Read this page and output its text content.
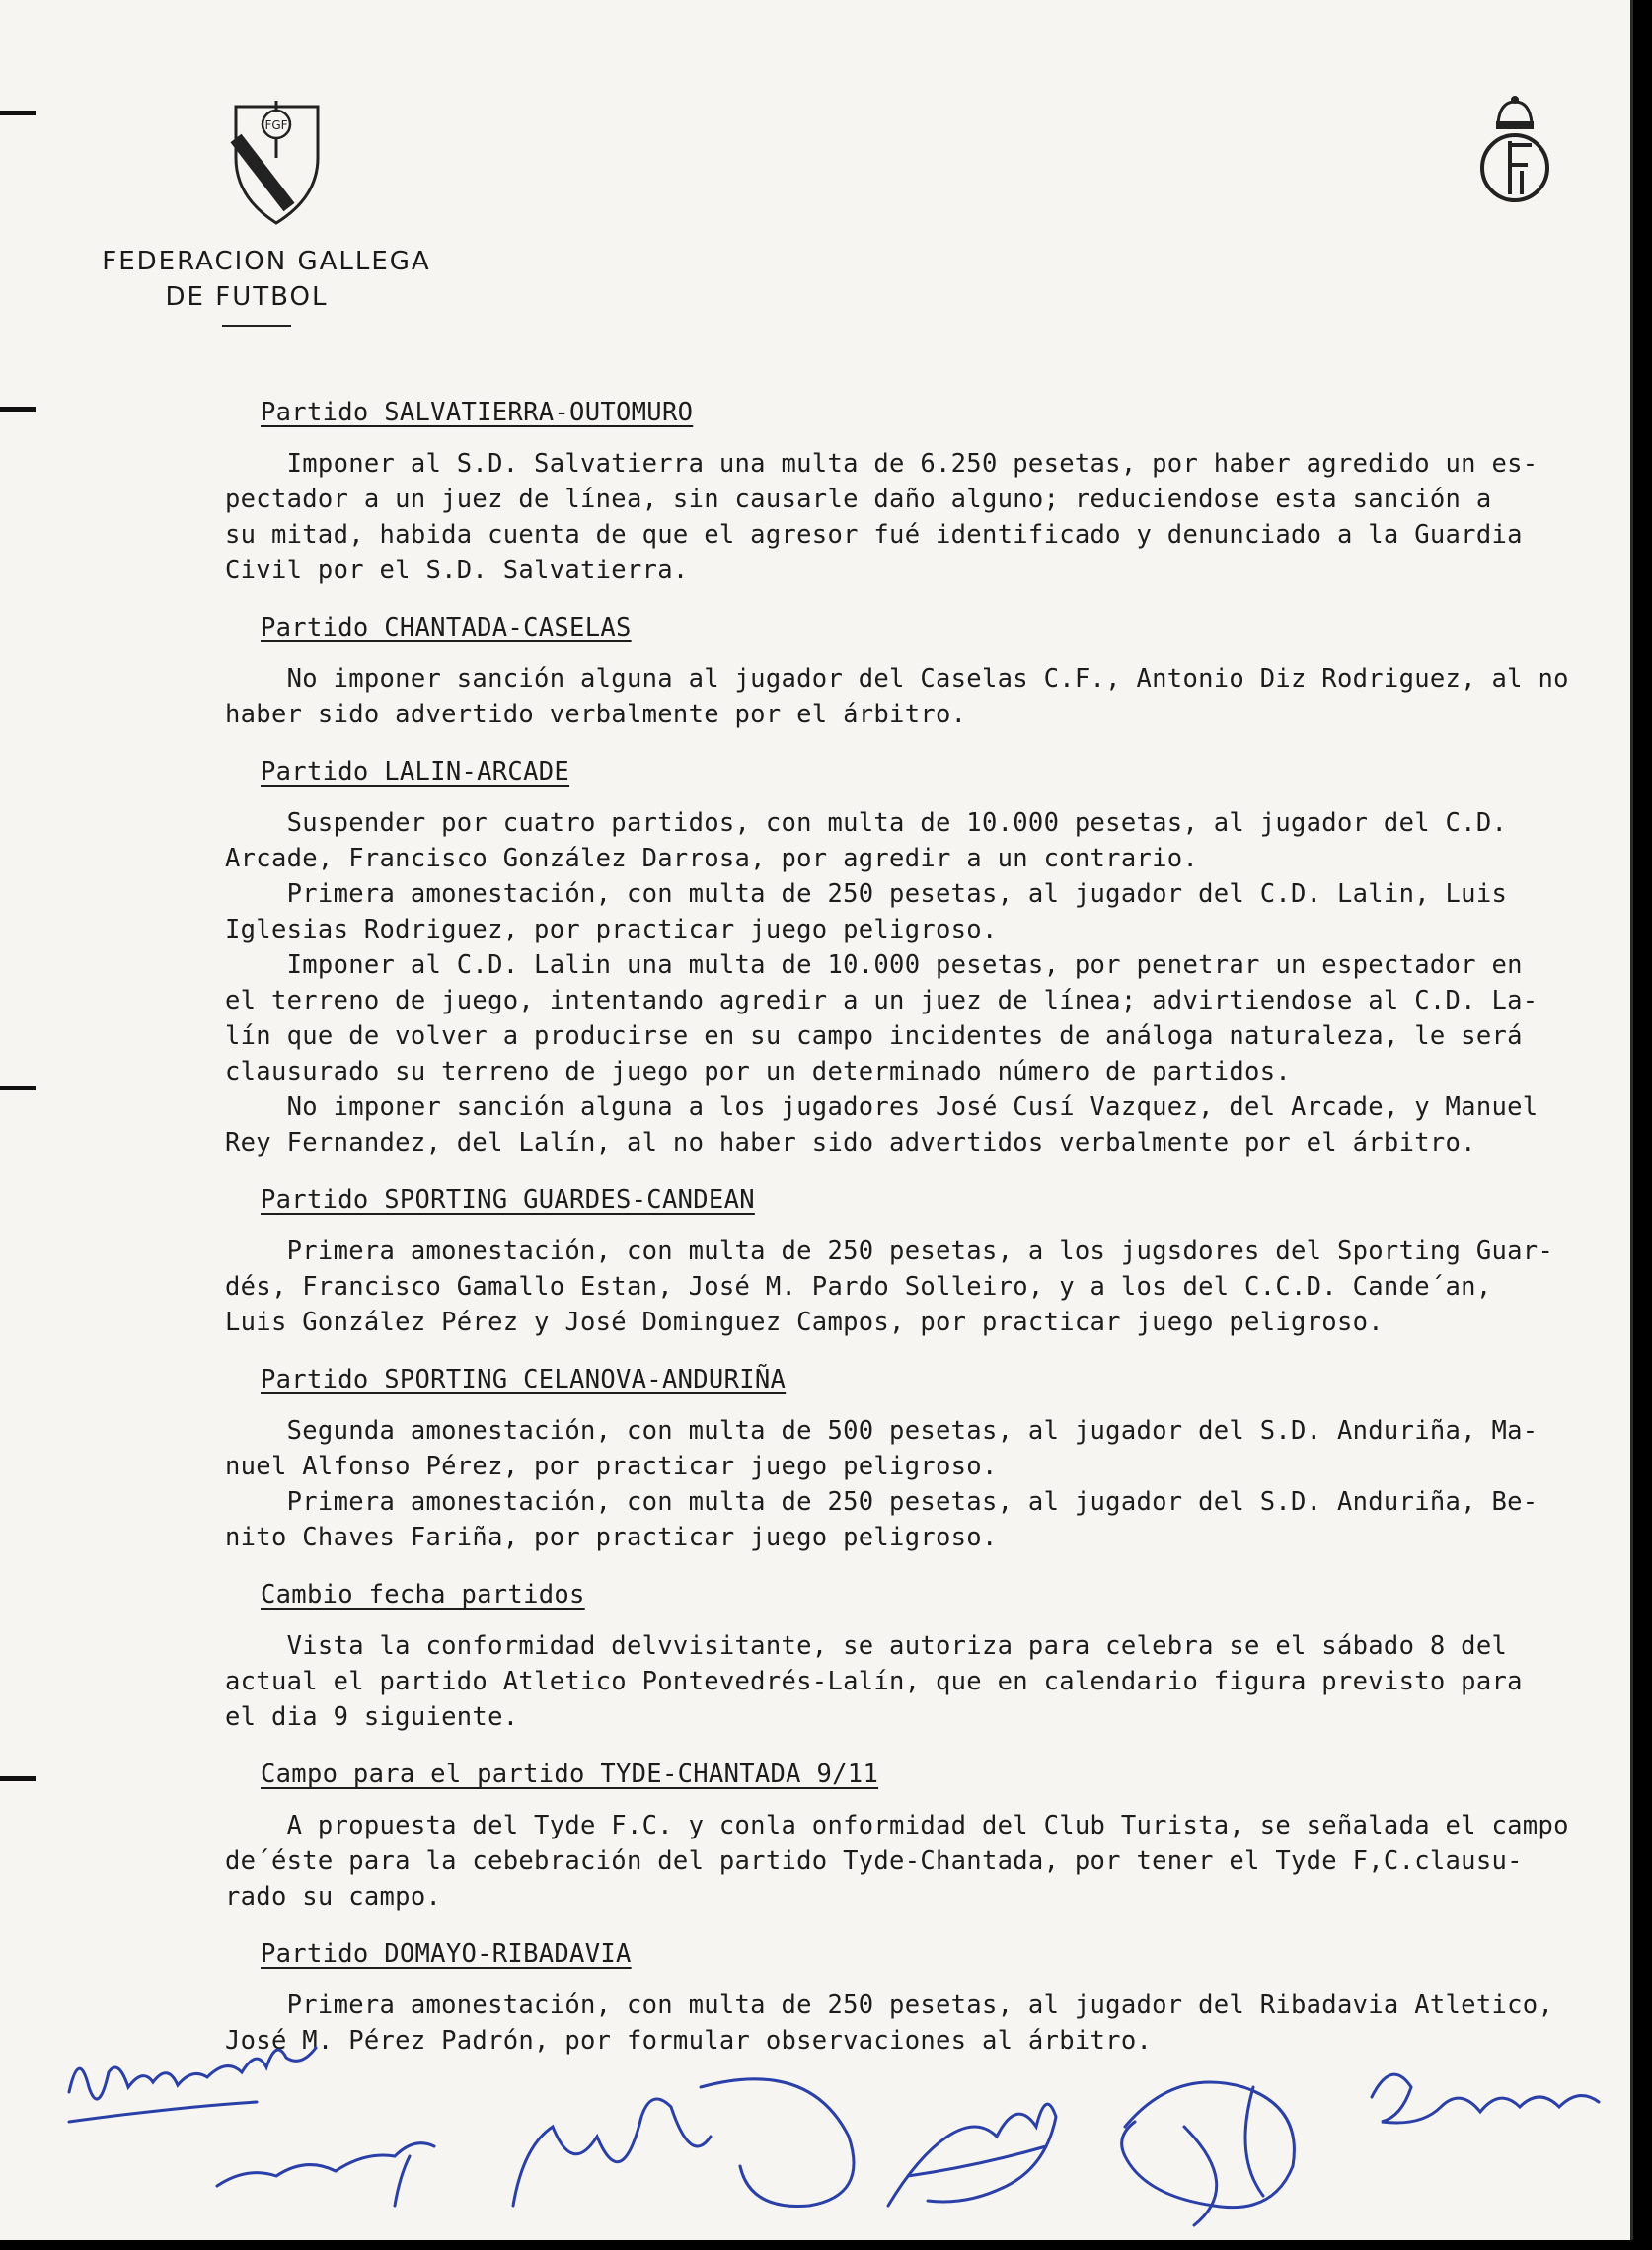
FGF
FEDERACION GALLEGA
DE FUTBOL
FEF
Partido SALVATIERRA-OUTOMURO
Imponer al S.D. Salvatierra una multa de 6.250 pesetas, por haber agredido un es-
pectador a un juez de línea, sin causarle daño alguno; reduciendose esta sanción a
su mitad, habida cuenta de que el agresor fué identificado y denunciado a la Guardia
Civil por el S.D. Salvatierra.
Partido CHANTADA-CASELAS
No imponer sanción alguna al jugador del Caselas C.F., Antonio Diz Rodriguez, al no
haber sido advertido verbalmente por el árbitro.
Partido LALIN-ARCADE
Suspender por cuatro partidos, con multa de 10.000 pesetas, al jugador del C.D.
Arcade, Francisco González Darrosa, por agredir a un contrario.
Primera amonestación, con multa de 250 pesetas, al jugador del C.D. Lalin, Luis
Iglesias Rodriguez, por practicar juego peligroso.
Imponer al C.D. Lalin una multa de 10.000 pesetas, por penetrar un espectador en
el terreno de juego, intentando agredir a un juez de línea; advirtiendose al C.D. La-
lín que de volver a producirse en su campo incidentes de análoga naturaleza, le será
clausurado su terreno de juego por un determinado número de partidos.
No imponer sanción alguna a los jugadores José Cusí Vazquez, del Arcade, y Manuel
Rey Fernandez, del Lalín, al no haber sido advertidos verbalmente por el árbitro.
Partido SPORTING GUARDES-CANDEAN
Primera amonestación, con multa de 250 pesetas, a los jugsdores del Sporting Guar-
dés, Francisco Gamallo Estan, José M. Pardo Solleiro, y a los del C.C.D. Cande´an,
Luis González Pérez y José Dominguez Campos, por practicar juego peligroso.
Partido SPORTING CELANOVA-ANDURIÑA
Segunda amonestación, con multa de 500 pesetas, al jugador del S.D. Anduriña, Ma-
nuel Alfonso Pérez, por practicar juego peligroso.
Primera amonestación, con multa de 250 pesetas, al jugador del S.D. Anduriña, Be-
nito Chaves Fariña, por practicar juego peligroso.
Cambio fecha partidos
Vista la conformidad delvvisitante, se autoriza para celebra se el sábado 8 del
actual el partido Atletico Pontevedrés-Lalín, que en calendario figura previsto para
el dia 9 siguiente.
Campo para el partido TYDE-CHANTADA 9/11
A propuesta del Tyde F.C. y conla onformidad del Club Turista, se señalada el campo
de´éste para la cebebración del partido Tyde-Chantada, por tener el Tyde F,C.clausu-
rado su campo.
Partido DOMAYO-RIBADAVIA
Primera amonestación, con multa de 250 pesetas, al jugador del Ribadavia Atletico,
José M. Pérez Padrón, por formular observaciones al árbitro.
